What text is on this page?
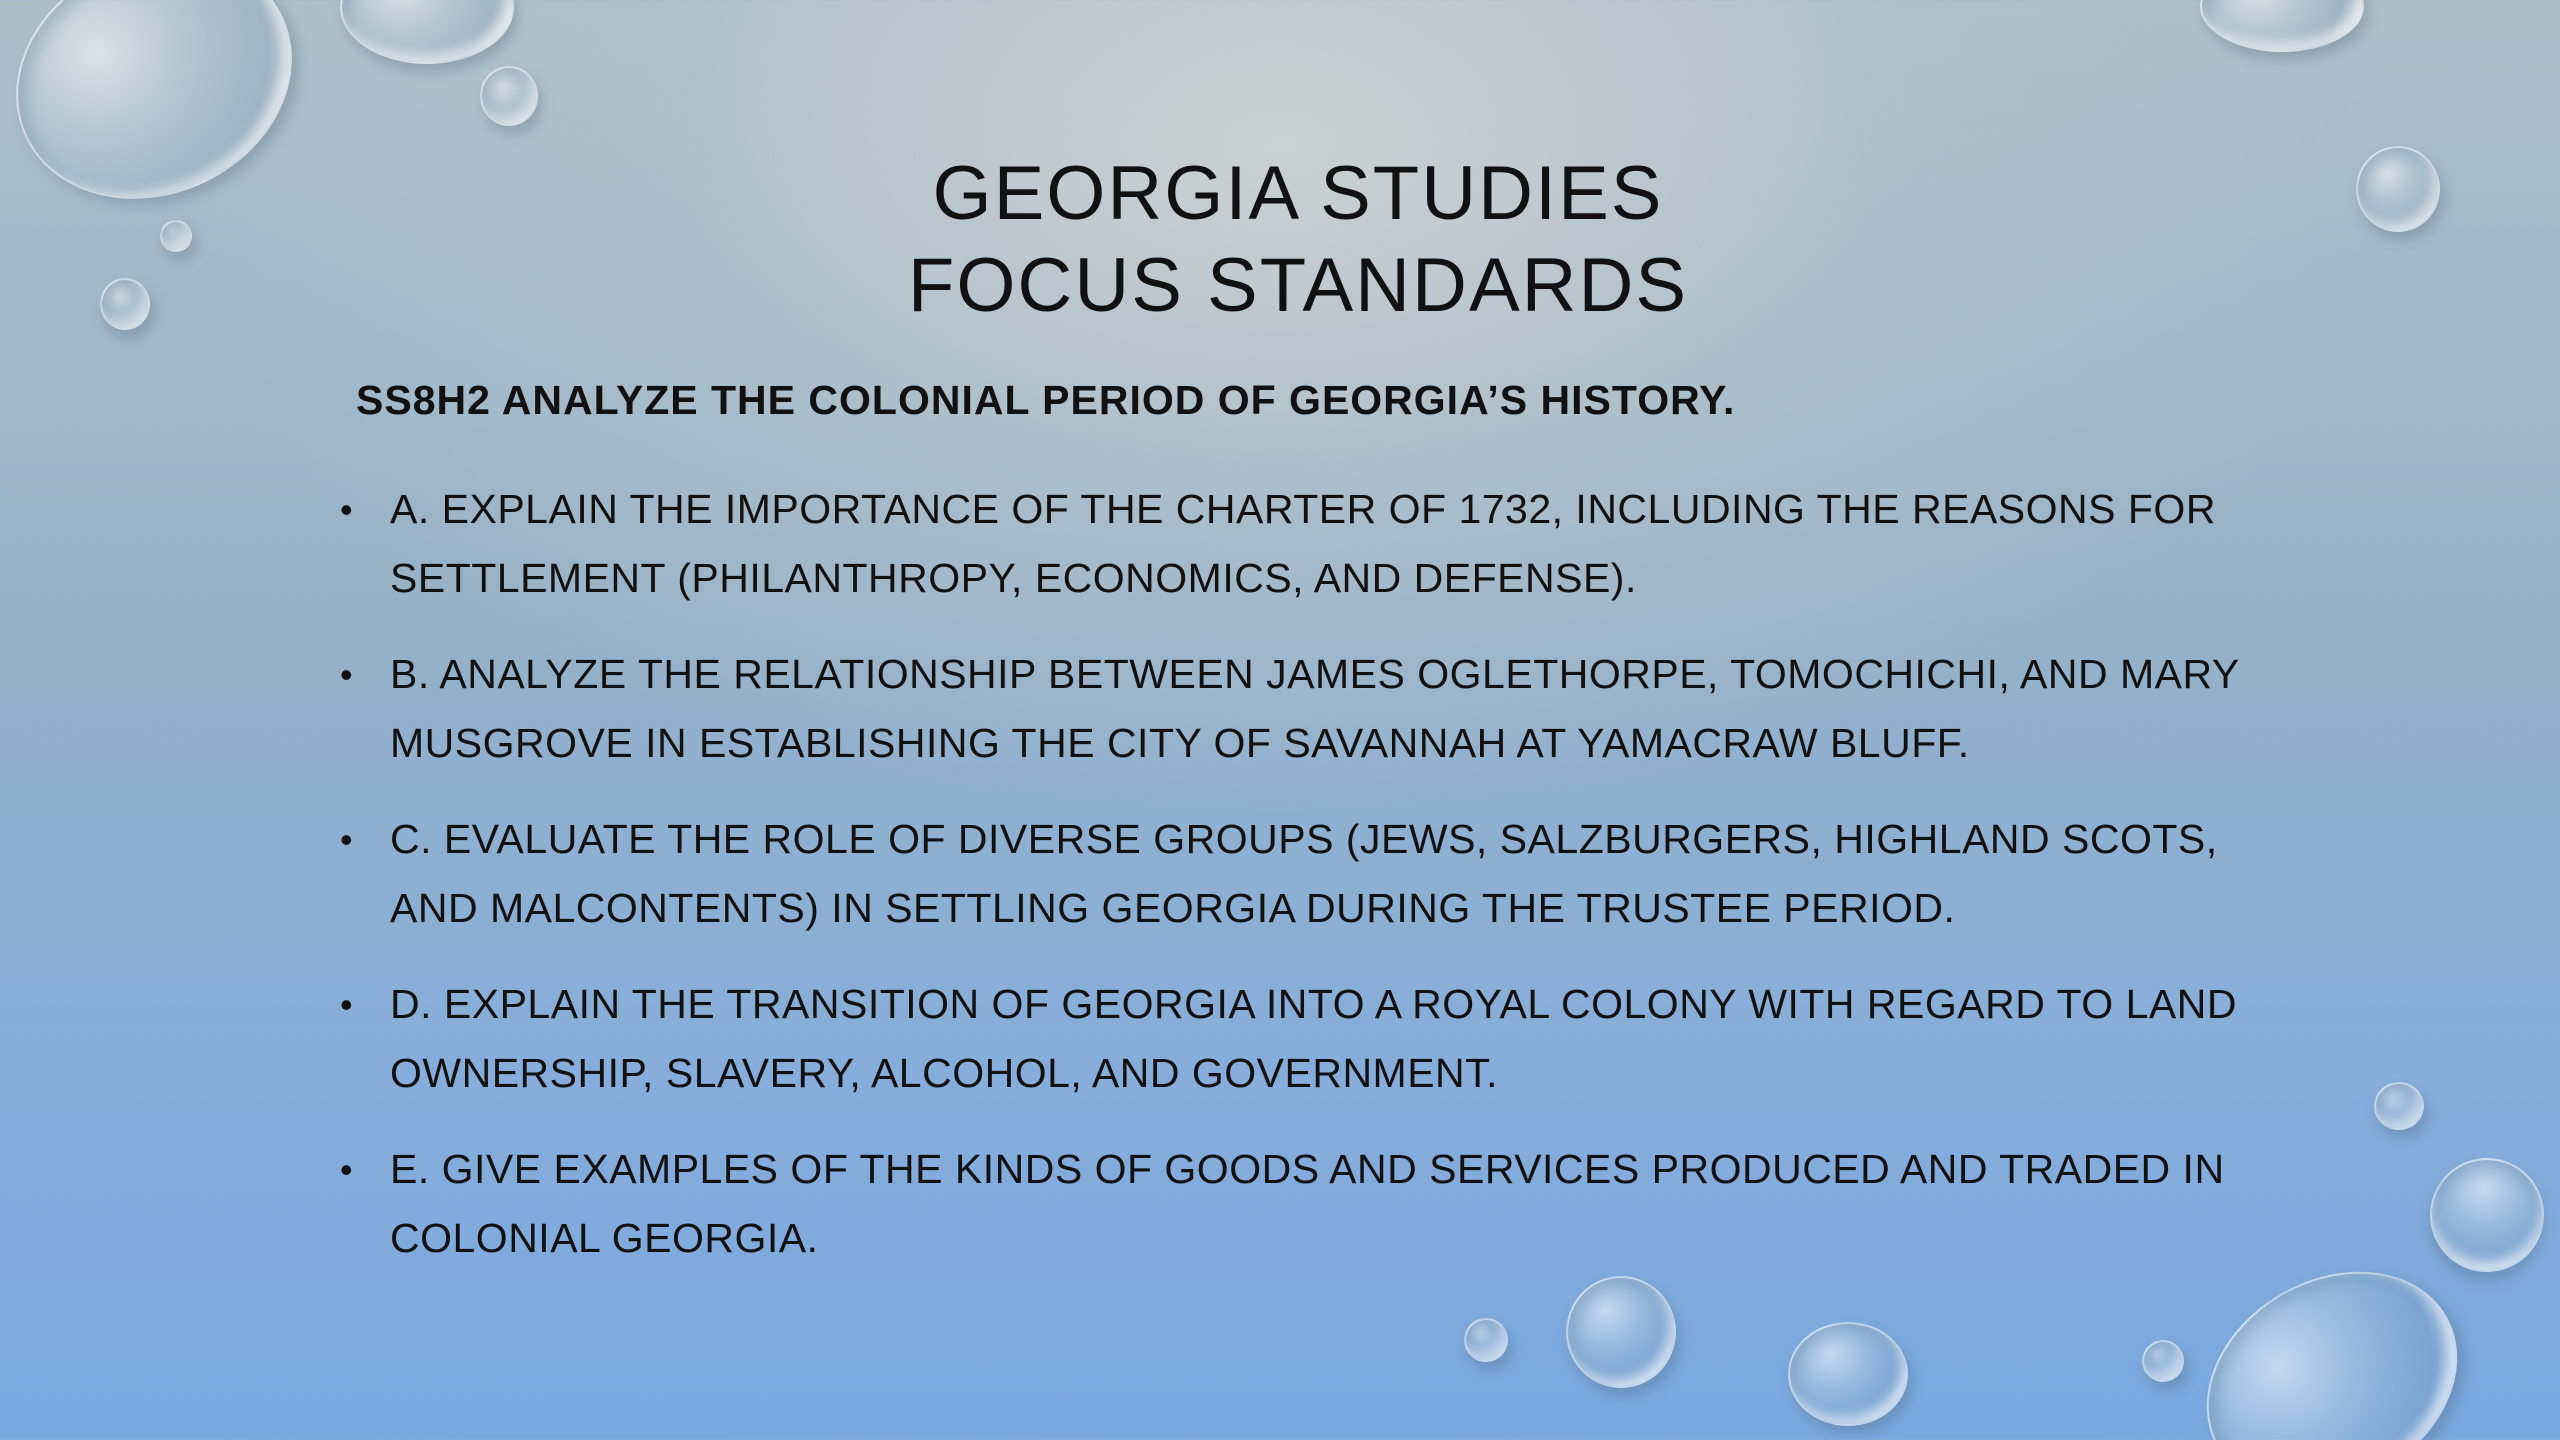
GEORGIA STUDIES
FOCUS STANDARDS
SS8H2 ANALYZE THE COLONIAL PERIOD OF GEORGIA’S HISTORY.
• A. EXPLAIN THE IMPORTANCE OF THE CHARTER OF 1732, INCLUDING THE REASONS FOR SETTLEMENT (PHILANTHROPY, ECONOMICS, AND DEFENSE).
• B. ANALYZE THE RELATIONSHIP BETWEEN JAMES OGLETHORPE, TOMOCHICHI, AND MARY MUSGROVE IN ESTABLISHING THE CITY OF SAVANNAH AT YAMACRAW BLUFF.
• C. EVALUATE THE ROLE OF DIVERSE GROUPS (JEWS, SALZBURGERS, HIGHLAND SCOTS, AND MALCONTENTS) IN SETTLING GEORGIA DURING THE TRUSTEE PERIOD.
• D. EXPLAIN THE TRANSITION OF GEORGIA INTO A ROYAL COLONY WITH REGARD TO LAND OWNERSHIP, SLAVERY, ALCOHOL, AND GOVERNMENT.
• E. GIVE EXAMPLES OF THE KINDS OF GOODS AND SERVICES PRODUCED AND TRADED IN COLONIAL GEORGIA.
